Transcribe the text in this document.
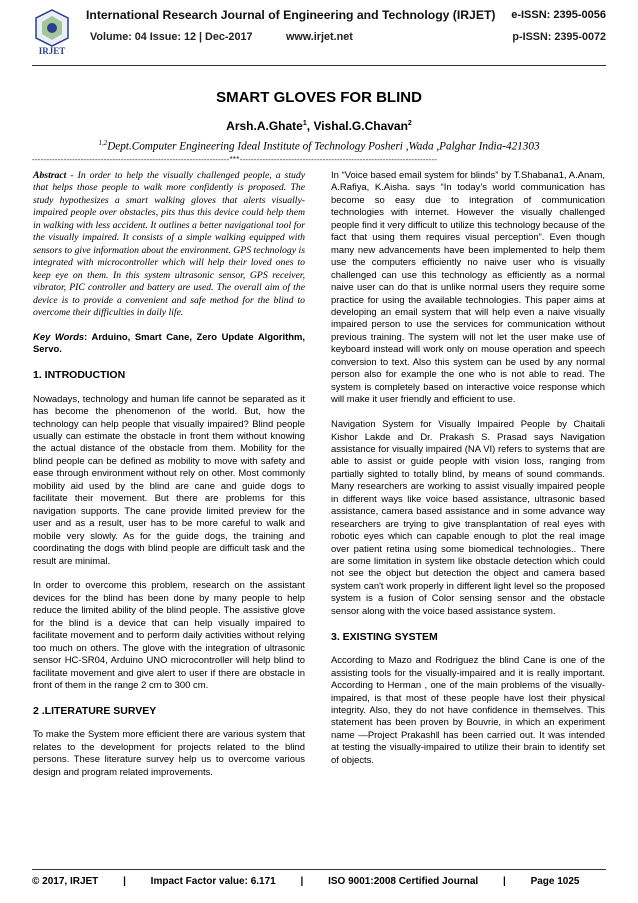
IRJET
International Research Journal of Engineering and Technology (IRJET) e-ISSN: 2395-0056
Volume: 04 Issue: 12 | Dec-2017	www.irjet.net	p-ISSN: 2395-0072
SMART GLOVES FOR BLIND
Arsh.A.Ghate$^1$, Vishal.G.Chavan$^2$
$^{1,2}$Dept.Computer Engineering Ideal Institute of Technology Posheri ,Wada ,Palghar India-421303
---------------------------------------------------------------------***---------------------------------------------------------------------

Abstract - In order to help the visually challenged people, a study that helps those people to walk more confidently is proposed. The study hypothesizes a smart walking gloves that alerts visually-impaired people over obstacles, pits thus this device could help them in walking with less accident. It outlines a better navigational tool for the visually impaired. It consists of a simple walking equipped with sensors to give information about the environment. GPS technology is integrated with microcontroller which will help their loved ones to keep eye on them. In this system ultrasonic sensor, GPS receiver, vibrator, PIC controller and battery are used. The overall aim of the device is to provide a convenient and safe method for the blind to overcome their difficulties in daily life.

Key Words: Arduino, Smart Cane, Zero Update Algorithm, Servo.

1. INTRODUCTION

Nowadays, technology and human life cannot be separated as it has become the phenomenon of the world. But, how the technology can help people that visually impaired? Blind people usually can estimate the obstacle in front them without knowing the actual distance of the obstacle from them. Mobility for the blind people can be defined as mobility to move with safety and ease through environment without rely on other. Most commonly mobility aid used by the blind are cane and guide dogs to facilitate their movement. But there are problems for this navigation supports. The cane provide limited preview for the user and as a result, user has to be more careful to walk and mobile very slowly. As for the guide dogs, the training and coordinating the dogs with blind people are difficult task and the result are minimal.

In order to overcome this problem, research on the assistant devices for the blind has been done by many people to help reduce the limited ability of the blind people. The assistive glove for the blind is a device that can help visually impaired to facilitate movement and to perform daily activities without relying too much on others. The glove with the integration of ultrasonic sensor HC-SR04, Arduino UNO microcontroller will help blind to facilitate movement and give alert to user if there are obstacle in front of them in the range 2 cm to 300 cm.

2 .LITERATURE SURVEY

To make the System more efficient there are various system that relates to the development for projects related to the blind persons. These literature survey help us to overcome various design and program related improvements.

In “Voice based email system for blinds” by T.Shabana1, A.Anam, A.Rafiya, K.Aisha. says “In today’s world communication has become so easy due to integration of communication technologies with internet. However the visually challenged people find it very difficult to utilize this technology because of the fact that using them requires visual perception”. Even though many new advancements have been implemented to help them use the computers efficiently no naive user who is visually challenged can use this technology as efficiently as a normal naive user can do that is unlike normal users they require some practice for using the available technologies. This paper aims at developing an email system that will help even a naive visually impaired person to use the services for communication without previous training. The system will not let the user make use of keyboard instead will work only on mouse operation and speech conversion to text. Also this system can be used by any normal person also for example the one who is not able to read. The system is completely based on interactive voice response which will make it user friendly and efficient to use.

Navigation System for Visually Impaired People by Chaitali Kishor Lakde and Dr. Prakash S. Prasad says Navigation assistance for visually impaired (NA VI) refers to systems that are able to assist or guide people with vision loss, ranging from partially sighted to totally blind, by means of sound commands. Many researchers are working to assist visually impaired people in different ways like voice based assistance, ultrasonic based assistance, camera based assistance and in some advance way researchers are trying to give transplantation of real eyes with robotic eyes which can capable enough to plot the real image over patient retina using some biomedical technologies.. There are some limitation in system like obstacle detection which could not see the object but detection the object and camera based system can't work properly in different light level so the proposed system is a fusion of Color sensing sensor and the obstacle sensor along with the voice based assistance system.

3. EXISTING SYSTEM

According to Mazo and Rodriguez the blind Cane is one of the assisting tools for the visually-impaired and it is really important. According to Herman , one of the main problems of the visually-impaired, is that most of these people have lost their physical integrity. Also, they do not have confidence in themselves. This statement has been proven by Bouvrie, in which an experiment name ―Project Prakash‖ has been carried out. It was intended at testing the visually-impaired to utilize their brain to identify set of objects.

© 2017, IRJET | Impact Factor value: 6.171 | ISO 9001:2008 Certified Journal | Page 1025
